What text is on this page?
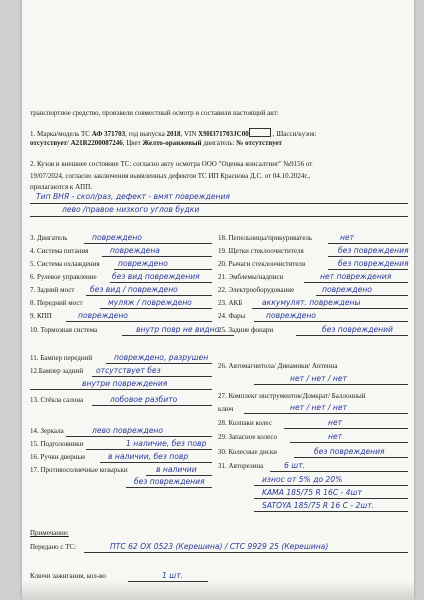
транспортное средство, произвели совместный осмотр и составили настоящий акт:
1. Марка/модель ТС АФ 371703, год выпуска 2018, VIN X9H371703JC00	, Шасси/кузов:
отсутствует/ A21R2200087246, Цвет Желто-оранжевый двигатель: № отсутствует
2. Кузов и внешнее состояние ТС: согласно акту осмотра ООО "Оценка консалтинг" №9156 от
19/07/2024, согласно заключения выявленных дефектов ТС ИП Краснова Д.С. от 04.10.2024г.,
прилагаются к АПП.
Тип ВНЯ - скол/раз, дефект - вмят повреждения
лево /правое низкого углов будки
3. Двигатель	повреждено
4. Система питания	повреждена
5. Система охлаждения повреждено
6. Рулевое управление без вид повреждения
7. Задний мост без вид / повреждено
8. Передний мост	муляж / повреждено
9. КПП	повреждено
10. Тормозная система	внутр повр не видно
18. Пепельницы/прикуриватель	нет
19. Щетки стеклоочистителя	без повреждения
20. Рычаги стеклоочистителя	без повреждения
21. Эмблемы/надписи	нет повреждения
22. Электрооборудование	повреждено
23. АКБ	аккумулят. повреждены
24. Фары	повреждено
25. Задние фонари	без повреждений
11. Бампер передний	повреждено, разрушен
12.Бампер задний отсутствует без
внутри повреждения
13. Стёкла салона	лобовое разбито
14. Зеркала	лево повреждено
15. Подголовники	1 наличие, без повр
16. Ручки дверные	в наличии, без повр
17. Противосолнечные козырьки	в наличии
без повреждения
26. Автомагнитола/ Динамики/ Антенна
нет / нет / нет
27. Комплект инструментов/Домкрат/ Баллонный
ключ	нет / нет / нет
28. Колпаки колес	нет
29. Запасное колесо	нет
30. Колесные диски	без повреждения
31. Авторезина	6 шт.
износ от 5% до 20%
KAMA 185/75 R 16C - 4шт
SATOYA 185/75 R 16 C - 2шт.
Примечание:
Передано с ТС:	ПТС 62 ОХ 0523 (Керешина) / СТС 9929 25 (Керешина)
Ключи зажигания, кол-во	1 шт.
